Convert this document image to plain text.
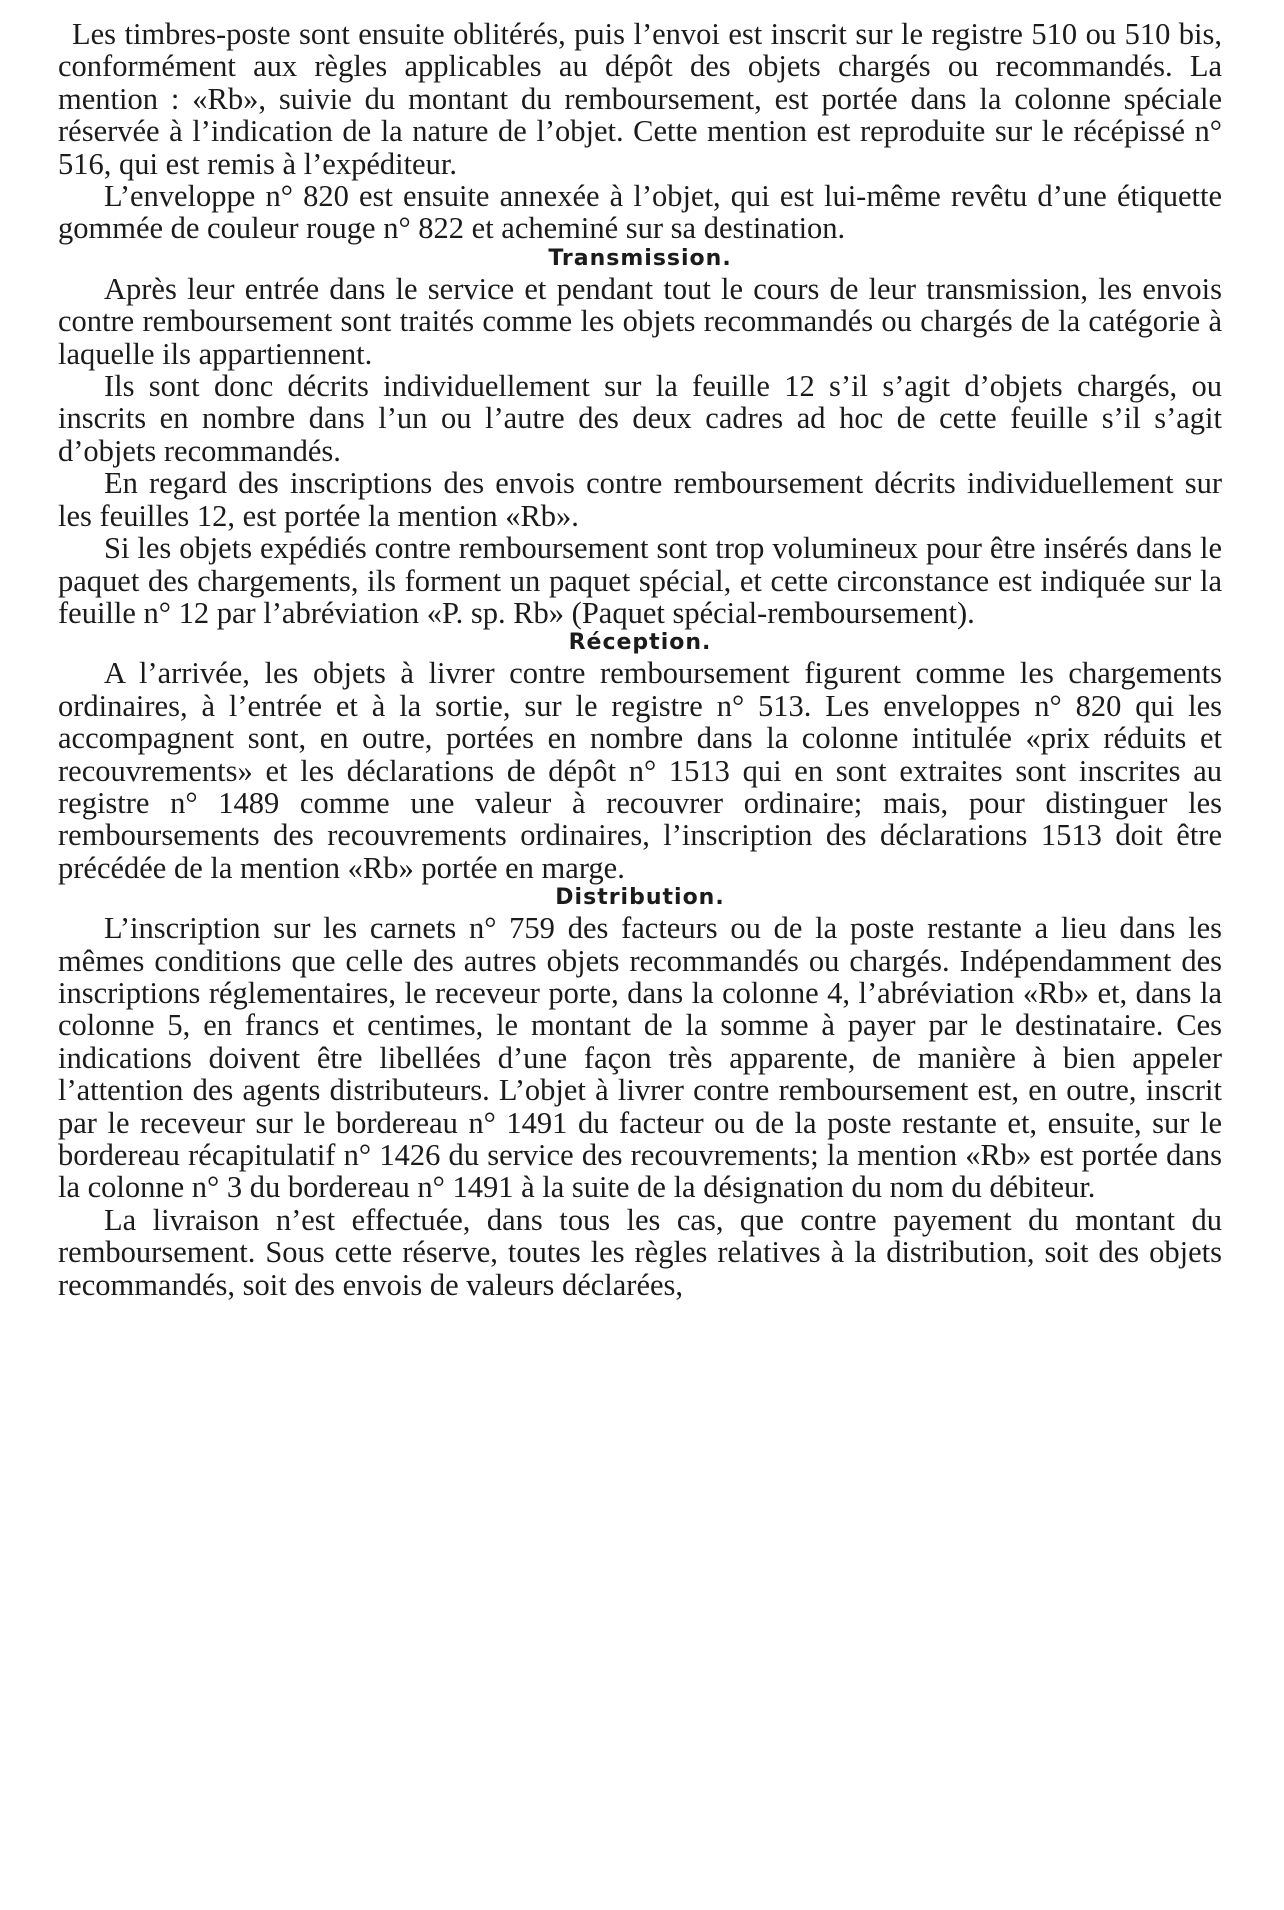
Les timbres-poste sont ensuite oblitérés, puis l’envoi est inscrit sur le registre 510 ou 510 bis, conformément aux règles applicables au dépôt des objets chargés ou recommandés. La mention : «Rb», suivie du montant du remboursement, est portée dans la colonne spéciale réservée à l’indication de la nature de l’objet. Cette mention est reproduite sur le récépissé n° 516, qui est remis à l’expéditeur.

L’enveloppe n° 820 est ensuite annexée à l’objet, qui est lui-même revêtu d’une étiquette gommée de couleur rouge n° 822 et acheminé sur sa destination.

Transmission.

Après leur entrée dans le service et pendant tout le cours de leur transmission, les envois contre remboursement sont traités comme les objets recommandés ou chargés de la catégorie à laquelle ils appartiennent.

Ils sont donc décrits individuellement sur la feuille 12 s’il s’agit d’objets chargés, ou inscrits en nombre dans l’un ou l’autre des deux cadres ad hoc de cette feuille s’il s’agit d’objets recommandés.

En regard des inscriptions des envois contre remboursement décrits individuellement sur les feuilles 12, est portée la mention «Rb».

Si les objets expédiés contre remboursement sont trop volumineux pour être insérés dans le paquet des chargements, ils forment un paquet spécial, et cette circonstance est indiquée sur la feuille n° 12 par l’abréviation «P. sp. Rb» (Paquet spécial-remboursement).

Réception.

A l’arrivée, les objets à livrer contre remboursement figurent comme les chargements ordinaires, à l’entrée et à la sortie, sur le registre n° 513. Les enveloppes n° 820 qui les accompagnent sont, en outre, portées en nombre dans la colonne intitulée «prix réduits et recouvrements» et les déclarations de dépôt n° 1513 qui en sont extraites sont inscrites au registre n° 1489 comme une valeur à recouvrer ordinaire; mais, pour distinguer les remboursements des recouvrements ordinaires, l’inscription des déclarations 1513 doit être précédée de la mention «Rb» portée en marge.

Distribution.

L’inscription sur les carnets n° 759 des facteurs ou de la poste restante a lieu dans les mêmes conditions que celle des autres objets recommandés ou chargés. Indépendamment des inscriptions réglementaires, le receveur porte, dans la colonne 4, l’abréviation «Rb» et, dans la colonne 5, en francs et centimes, le montant de la somme à payer par le destinataire. Ces indications doivent être libellées d’une façon très apparente, de manière à bien appeler l’attention des agents distributeurs. L’objet à livrer contre remboursement est, en outre, inscrit par le receveur sur le bordereau n° 1491 du facteur ou de la poste restante et, ensuite, sur le bordereau récapitulatif n° 1426 du service des recouvrements; la mention «Rb» est portée dans la colonne n° 3 du bordereau n° 1491 à la suite de la désignation du nom du débiteur.

La livraison n’est effectuée, dans tous les cas, que contre payement du montant du remboursement. Sous cette réserve, toutes les règles relatives à la distribution, soit des objets recommandés, soit des envois de valeurs déclarées,
